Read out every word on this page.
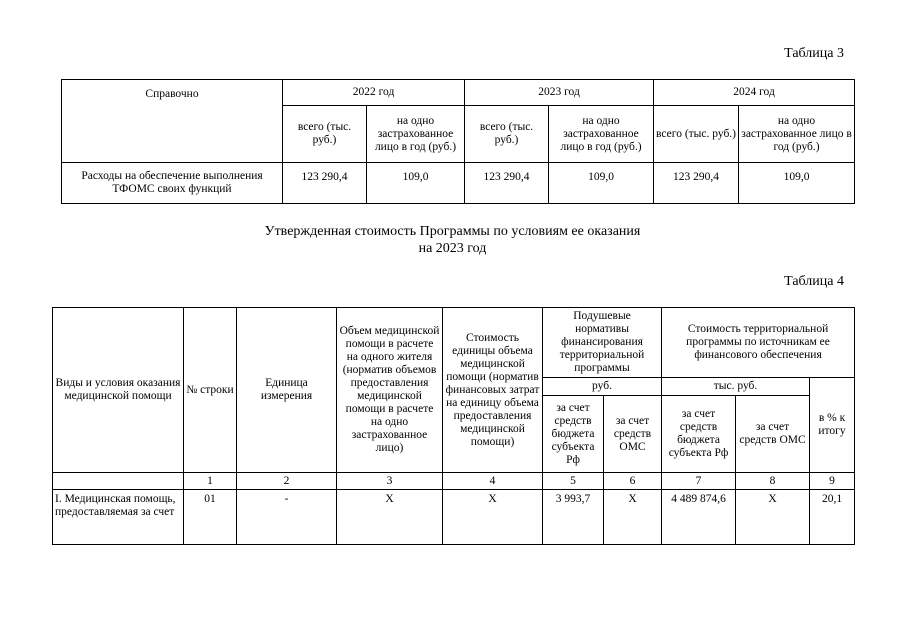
Таблица 3
Справочно	2022 год		2023 год		2024 год	
	всего (тыс. руб.)	на одно застрахованное лицо в год (руб.)	всего (тыс. руб.)	на одно застрахованное лицо в год (руб.)	всего (тыс. руб.)	на одно застрахованное лицо в год (руб.)
Расходы на обеспечение выполнения ТФОМС своих функций	123 290,4	109,0	123 290,4	109,0	123 290,4	109,0
Утвержденная стоимость Программы по условиям ее оказания
на 2023 год
Таблица 4
Виды и условия оказания медицинской помощи	№ строки	Единица измерения	Объем медицинской помощи в расчете на одного жителя (норматив объемов предоставления медицинской помощи в расчете на одно застрахованное лицо)	Стоимость единицы объема медицинской помощи (норматив финансовых затрат на единицу объема предоставления медицинской помощи)	Подушевые нормативы финансирования территориальной программы		Стоимость территориальной программы по источникам ее финансового обеспечения		
					руб.		тыс. руб.		в % к итогу
					за счет средств бюджета субъекта Рф	за счет средств ОМС	за счет средств бюджета субъекта Рф	за счет средств ОМС	
	1	2	3	4	5	6	7	8	9
I. Медицинская помощь, предоставляемая за счет	01	-	Х	Х	3 993,7	Х	4 489 874,6	Х	20,1
